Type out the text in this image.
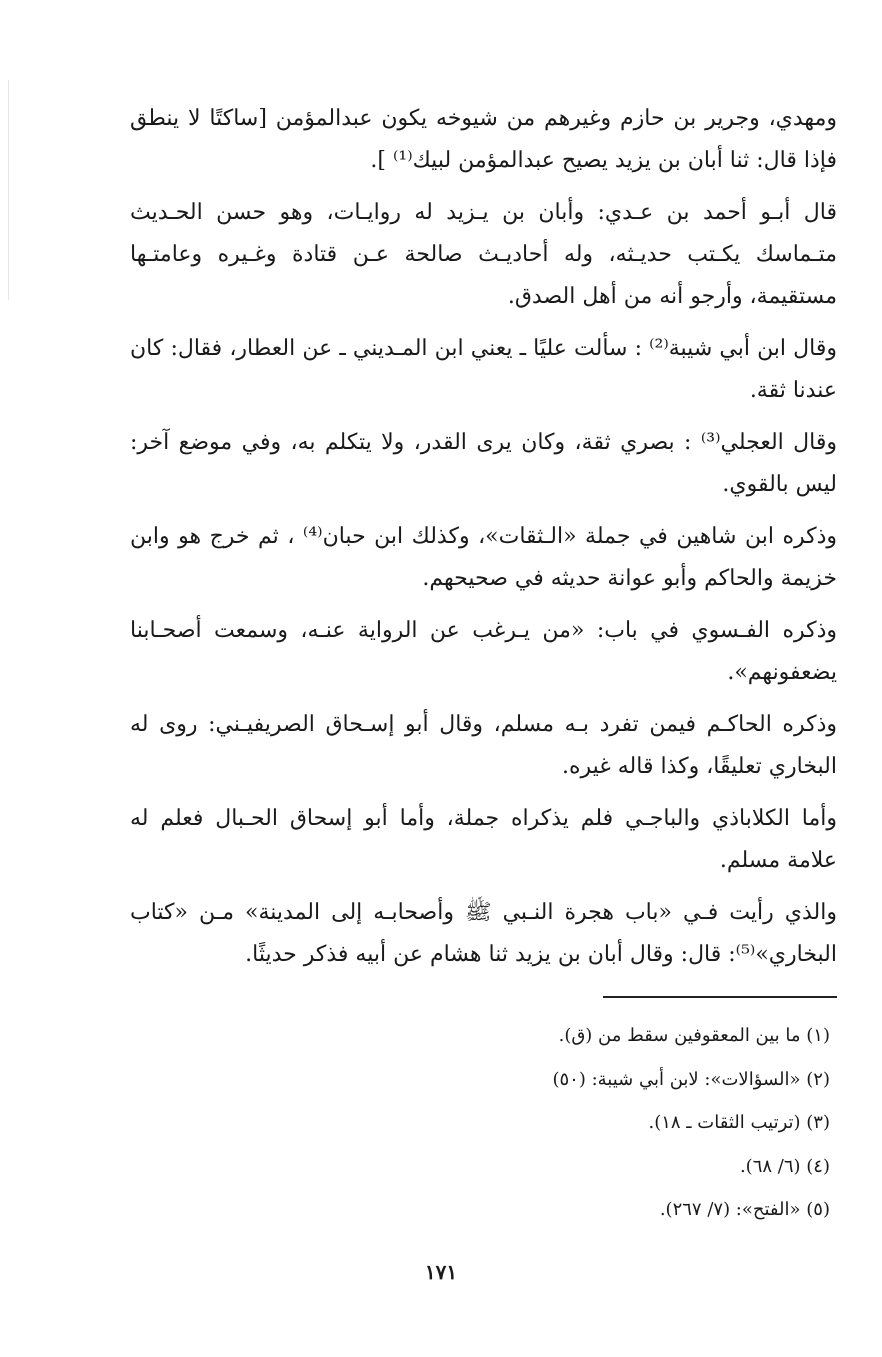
ومهدي، وجرير بن حازم وغيرهم من شيوخه يكون عبدالمؤمن [ساكتًا لا ينطق فإذا قال: ثنا أبان بن يزيد يصيح عبدالمؤمن لبيك⁽¹⁾ ].

قال أبـو أحمد بن عـدي: وأبان بن يـزيد له روايـات، وهو حسن الحـديث متـماسك يكـتب حديـثه، وله أحاديـث صالحة عـن قتادة وغـيره وعامتـها مستقيمة، وأرجو أنه من أهل الصدق.

وقال ابن أبي شيبة⁽²⁾ : سألت عليًا ـ يعني ابن المـديني ـ عن العطار، فقال: كان عندنا ثقة.

وقال العجلي⁽³⁾ : بصري ثقة، وكان يرى القدر، ولا يتكلم به، وفي موضع آخر: ليس بالقوي.

وذكره ابن شاهين في جملة «الـثقات»، وكذلك ابن حبان⁽⁴⁾ ، ثم خرج هو وابن خزيمة والحاكم وأبو عوانة حديثه في صحيحهم.

وذكره الفـسوي في باب: «من يـرغب عن الرواية عنـه، وسمعت أصحـابنا يضعفونهم».

وذكره الحاكـم فيمن تفرد بـه مسلم، وقال أبو إسـحاق الصريفيـني: روى له البخاري تعليقًا، وكذا قاله غيره.

وأما الكلاباذي والباجـي فلم يذكراه جملة، وأما أبو إسحاق الحـبال فعلم له علامة مسلم.

والذي رأيت فـي «باب هجرة النـبي ﷺ وأصحابـه إلى المدينة» مـن «كتاب البخاري»⁽⁵⁾: قال: وقال أبان بن يزيد ثنا هشام عن أبيه فذكر حديثًا.

(١) ما بين المعقوفين سقط من (ق).

(٢) «السؤالات»: لابن أبي شيبة: (٥٠)

(٣) (ترتيب الثقات ـ ١٨).

(٤) (٦/ ٦٨).

(٥) «الفتح»: (٧/ ٢٦٧).

١٧١
